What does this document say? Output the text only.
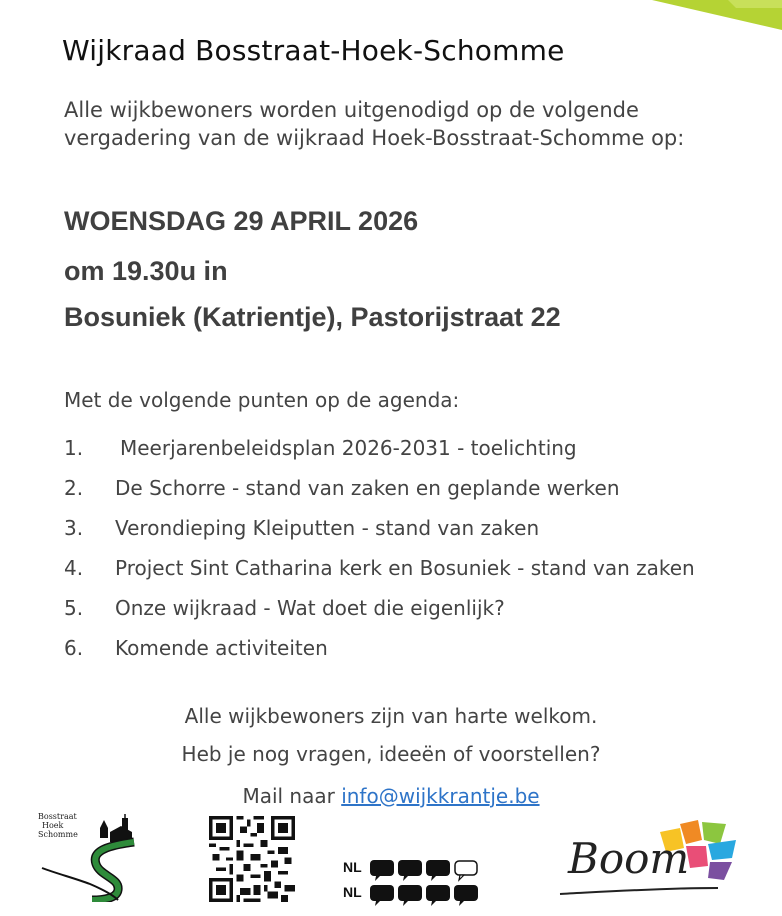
Wijkraad Bosstraat-Hoek-Schomme
Alle wijkbewoners worden uitgenodigd op de volgende
vergadering van de wijkraad Hoek-Bosstraat-Schomme op:
WOENSDAG 29 APRIL 2026
om 19.30u in
Bosuniek (Katrientje), Pastorijstraat 22
Met de volgende punten op de agenda:
1.	Meerjarenbeleidsplan 2026-2031 - toelichting
2.	De Schorre - stand van zaken en geplande werken
3.	Verondieping Kleiputten - stand van zaken
4.	Project Sint Catharina kerk en Bosuniek - stand van zaken
5.	Onze wijkraad - Wat doet die eigenlijk?
6.	Komende activiteiten
Alle wijkbewoners zijn van harte welkom.
Heb je nog vragen, ideeën of voorstellen?
Mail naar info@wijkkrantje.be
Bosstraat
Hoek
Schomme
NL
NL
Boom
